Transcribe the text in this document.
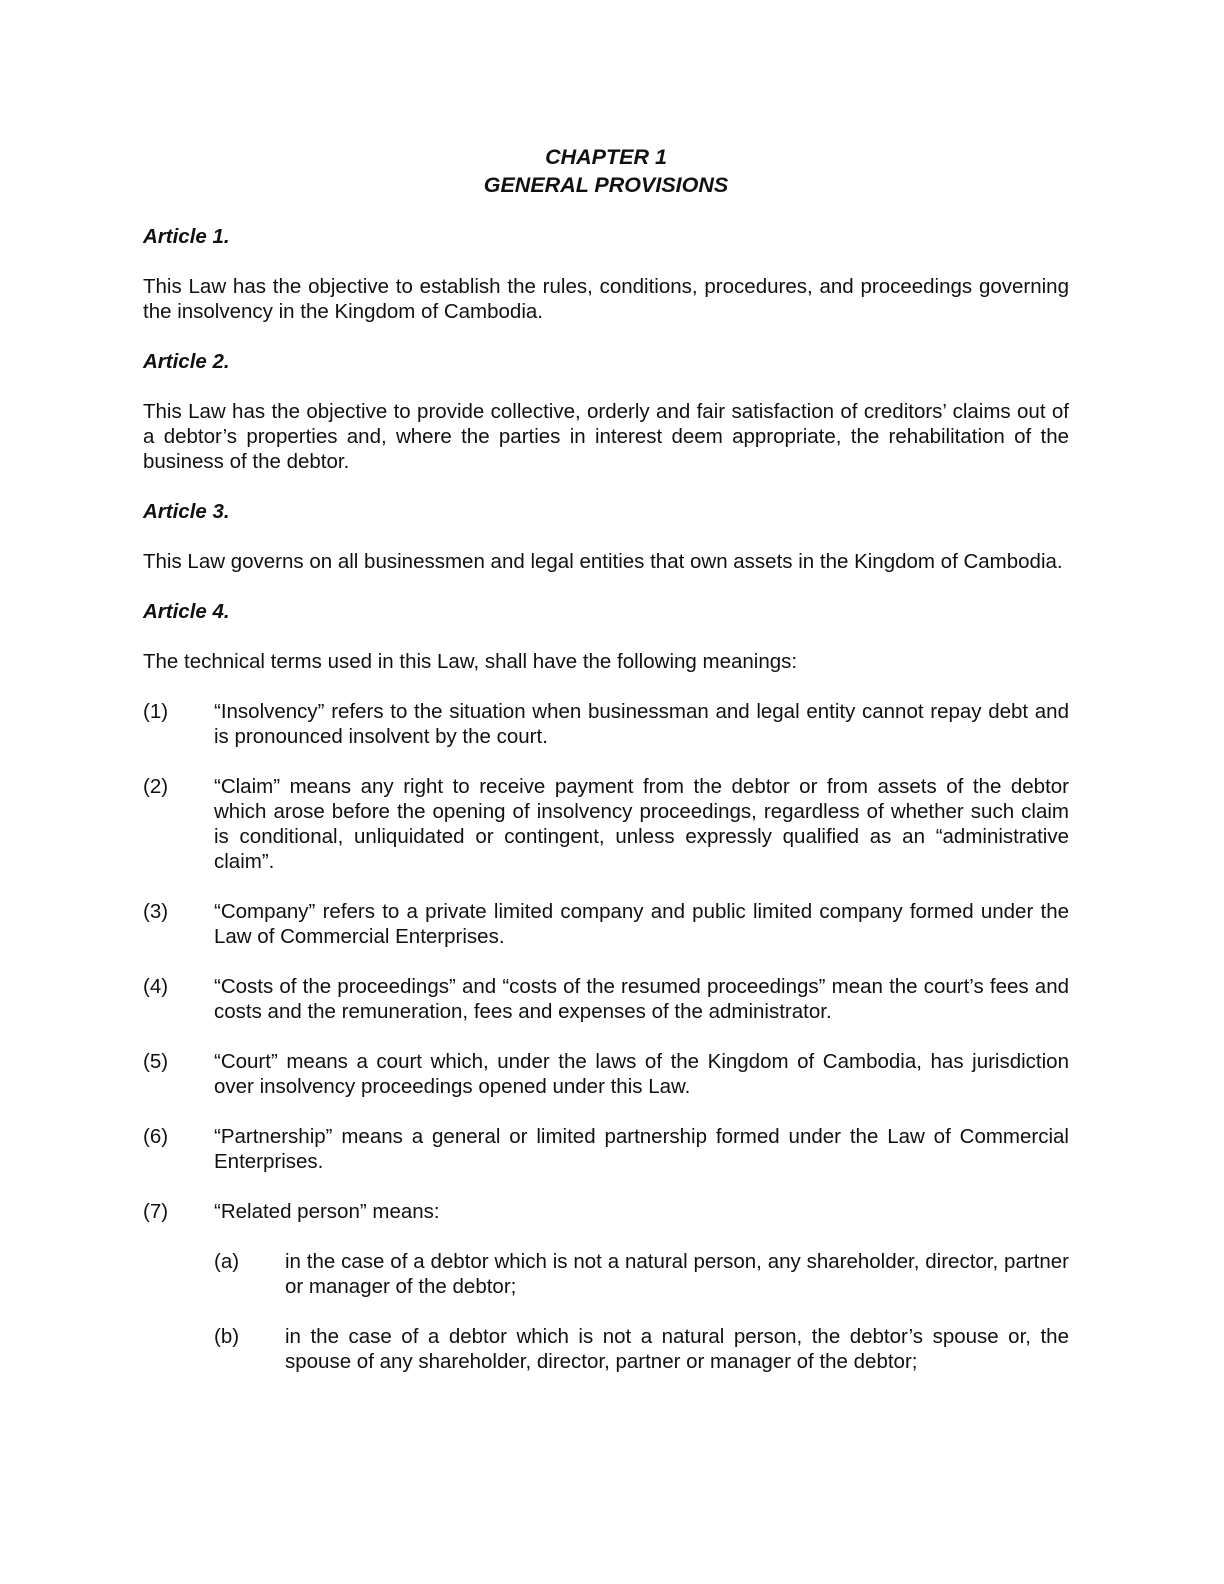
CHAPTER 1

GENERAL PROVISIONS

Article 1.

This Law has the objective to establish the rules, conditions, procedures, and proceedings governing the insolvency in the Kingdom of Cambodia.

Article 2.

This Law has the objective to provide collective, orderly and fair satisfaction of creditors’ claims out of a debtor’s properties and, where the parties in interest deem appropriate, the rehabilitation of the business of the debtor.

Article 3.

This Law governs on all businessmen and legal entities that own assets in the Kingdom of Cambodia.

Article 4.

The technical terms used in this Law, shall have the following meanings:

(1)	“Insolvency” refers to the situation when businessman and legal entity cannot repay debt and is pronounced insolvent by the court.
(2)	“Claim” means any right to receive payment from the debtor or from assets of the debtor which arose before the opening of insolvency proceedings, regardless of whether such claim is conditional, unliquidated or contingent, unless expressly qualified as an “administrative claim”.
(3)	“Company” refers to a private limited company and public limited company formed under the Law of Commercial Enterprises.
(4)	“Costs of the proceedings” and “costs of the resumed proceedings” mean the court’s fees and costs and the remuneration, fees and expenses of the administrator.
(5)	“Court” means a court which, under the laws of the Kingdom of Cambodia, has jurisdiction over insolvency proceedings opened under this Law.
(6)	“Partnership” means a general or limited partnership formed under the Law of Commercial Enterprises.
(7)	“Related person” means:
(a)	in the case of a debtor which is not a natural person, any shareholder, director, partner or manager of the debtor;
(b)	in the case of a debtor which is not a natural person, the debtor’s spouse or, the spouse of any shareholder, director, partner or manager of the debtor;
